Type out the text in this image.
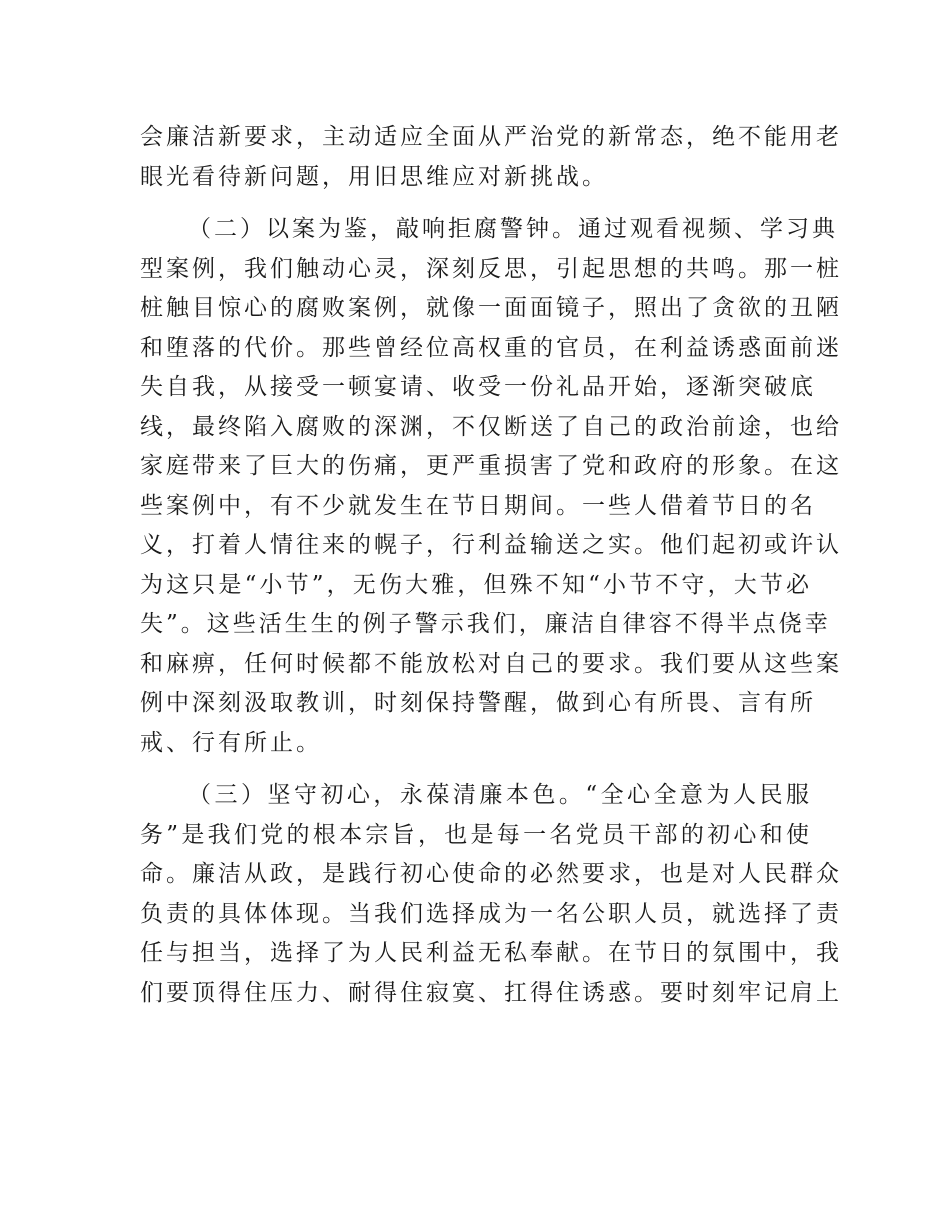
会廉洁新要求，主动适应全面从严治党的新常态，绝不能用老
眼光看待新问题，用旧思维应对新挑战。
（二）以案为鉴，敲响拒腐警钟。通过观看视频、学习典
型案例，我们触动心灵，深刻反思，引起思想的共鸣。那一桩
桩触目惊心的腐败案例，就像一面面镜子，照出了贪欲的丑陋
和堕落的代价。那些曾经位高权重的官员，在利益诱惑面前迷
失自我，从接受一顿宴请、收受一份礼品开始，逐渐突破底
线，最终陷入腐败的深渊，不仅断送了自己的政治前途，也给
家庭带来了巨大的伤痛，更严重损害了党和政府的形象。在这
些案例中，有不少就发生在节日期间。一些人借着节日的名
义，打着人情往来的幌子，行利益输送之实。他们起初或许认
为这只是“小节”，无伤大雅，但殊不知“小节不守，大节必
失”。这些活生生的例子警示我们，廉洁自律容不得半点侥幸
和麻痹，任何时候都不能放松对自己的要求。我们要从这些案
例中深刻汲取教训，时刻保持警醒，做到心有所畏、言有所
戒、行有所止。
（三）坚守初心，永葆清廉本色。“全心全意为人民服
务”是我们党的根本宗旨，也是每一名党员干部的初心和使
命。廉洁从政，是践行初心使命的必然要求，也是对人民群众
负责的具体体现。当我们选择成为一名公职人员，就选择了责
任与担当，选择了为人民利益无私奉献。在节日的氛围中，我
们要顶得住压力、耐得住寂寞、扛得住诱惑。要时刻牢记肩上
